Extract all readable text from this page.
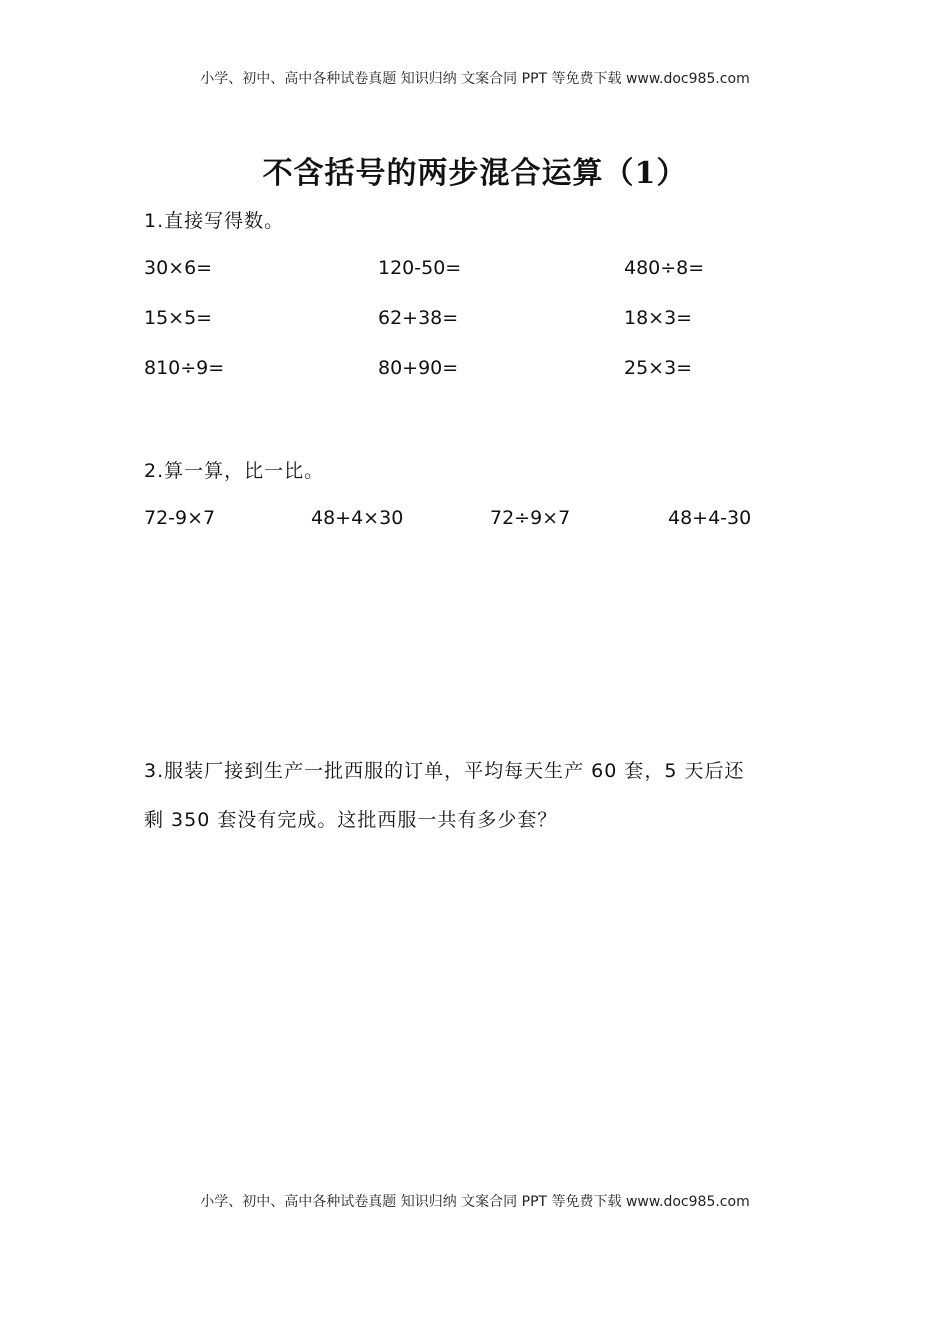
小学、初中、高中各种试卷真题 知识归纳 文案合同 PPT 等免费下载 www.doc985.com
不含括号的两步混合运算（1）
1.直接写得数。
30×6=	120-50=	480÷8=
15×5=	62+38=	18×3=
810÷9=	80+90=	25×3=
2.算一算，比一比。
72-9×7	48+4×30	72÷9×7	48+4-30
3.服装厂接到生产一批西服的订单，平均每天生产 60 套，5 天后还
剩 350 套没有完成。这批西服一共有多少套？
小学、初中、高中各种试卷真题 知识归纳 文案合同 PPT 等免费下载 www.doc985.com
